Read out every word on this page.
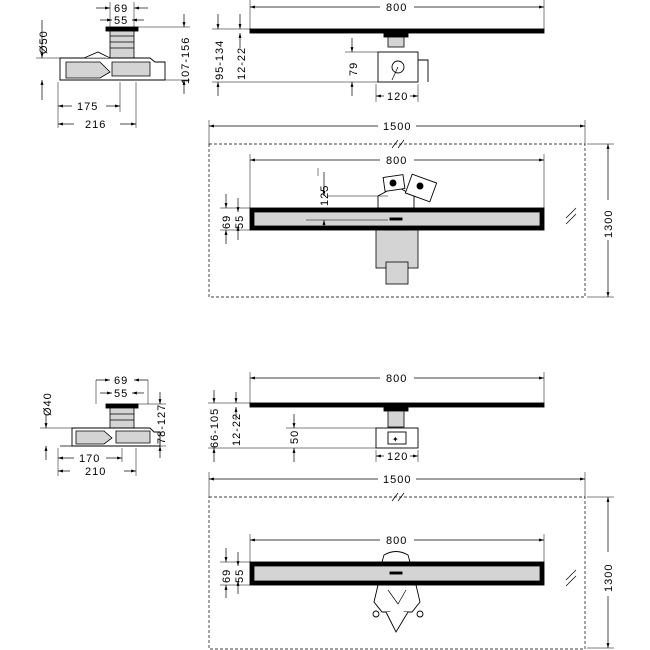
69
55
Ø50	107-156
175
216
800
95-134 12-22	79
120
1500
1300
800
125
69 55
69
55
Ø40	78-127
170
210
✦
800
66-105 12-22	50
120
1500
1300
800
69 55
